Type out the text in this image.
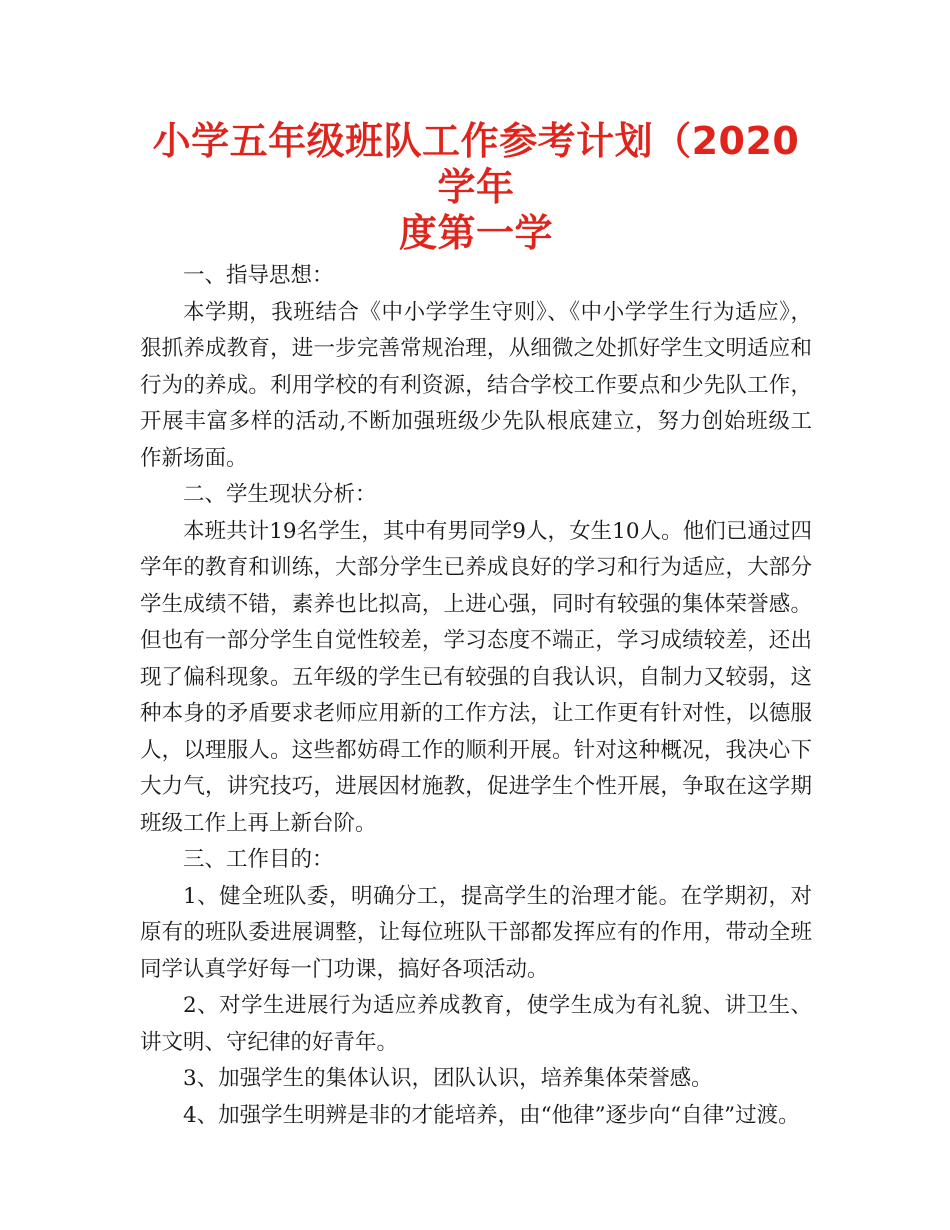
小学五年级班队工作参考计划（2020学年
度第一学

一、指导思想：

本学期，我班结合《中小学学生守则》、《中小学学生行为适应》，狠抓养成教育，进一步完善常规治理，从细微之处抓好学生文明适应和行为的养成。利用学校的有利资源，结合学校工作要点和少先队工作，开展丰富多样的活动,不断加强班级少先队根底建立，努力创始班级工作新场面。

二、学生现状分析：

本班共计19名学生，其中有男同学9人，女生10人。他们已通过四学年的教育和训练，大部分学生已养成良好的学习和行为适应，大部分学生成绩不错，素养也比拟高，上进心强，同时有较强的集体荣誉感。但也有一部分学生自觉性较差，学习态度不端正，学习成绩较差，还出现了偏科现象。五年级的学生已有较强的自我认识，自制力又较弱，这种本身的矛盾要求老师应用新的工作方法，让工作更有针对性，以德服人，以理服人。这些都妨碍工作的顺利开展。针对这种概况，我决心下大力气，讲究技巧，进展因材施教，促进学生个性开展，争取在这学期班级工作上再上新台阶。

三、工作目的：

1、健全班队委，明确分工，提高学生的治理才能。在学期初，对原有的班队委进展调整，让每位班队干部都发挥应有的作用，带动全班同学认真学好每一门功课，搞好各项活动。

2、对学生进展行为适应养成教育，使学生成为有礼貌、讲卫生、讲文明、守纪律的好青年。

3、加强学生的集体认识，团队认识，培养集体荣誉感。

4、加强学生明辨是非的才能培养，由“他律”逐步向“自律”过渡。
